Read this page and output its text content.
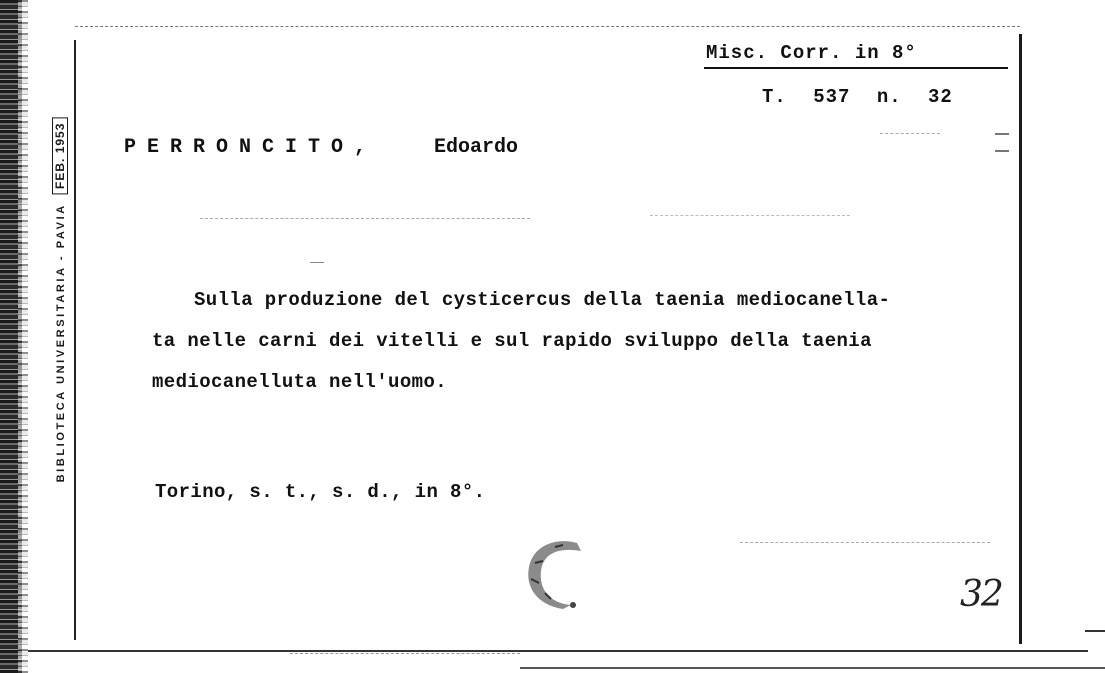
BIBLIOTECA UNIVERSITARIA - PAVIA FEB. 1953
Misc. Corr. in 8°
T. 537 n. 32
PERRONCITO,	Edoardo
Sulla produzione del cysticercus della taenia mediocanella-
ta nelle carni dei vitelli e sul rapido sviluppo della taenia
mediocanelluta nell'uomo.
Torino, s. t., s. d., in 8°.
32
